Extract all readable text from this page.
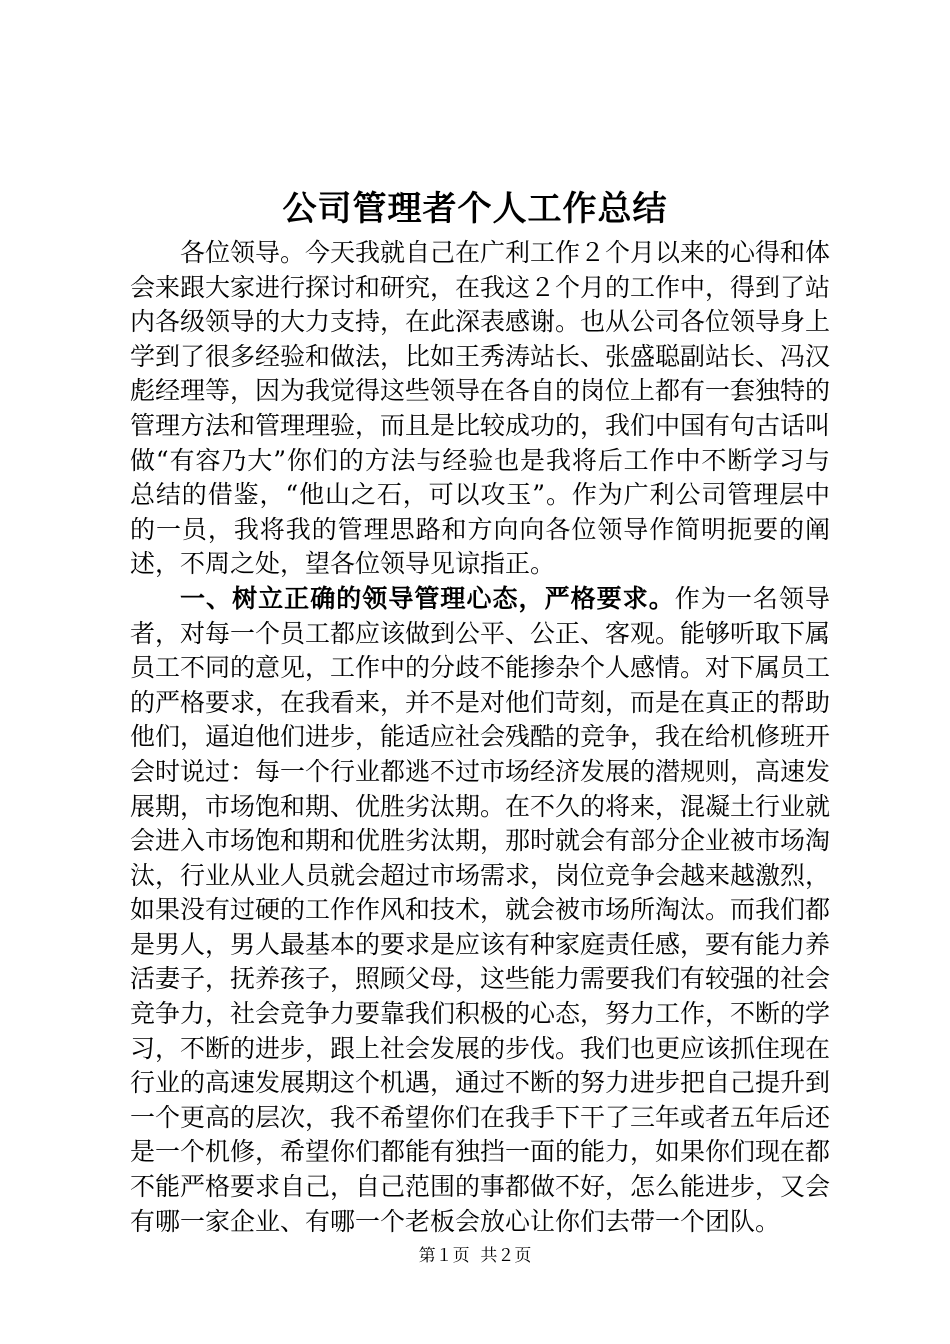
公司管理者个人工作总结

各位领导。今天我就自己在广利工作２个月以来的心得和体会来跟大家进行探讨和研究，在我这２个月的工作中，得到了站内各级领导的大力支持，在此深表感谢。也从公司各位领导身上学到了很多经验和做法，比如王秀涛站长、张盛聪副站长、冯汉彪经理等，因为我觉得这些领导在各自的岗位上都有一套独特的管理方法和管理理验，而且是比较成功的，我们中国有句古话叫做“有容乃大”你们的方法与经验也是我将后工作中不断学习与总结的借鉴，“他山之石，可以攻玉”。作为广利公司管理层中的一员，我将我的管理思路和方向向各位领导作简明扼要的阐述，不周之处，望各位领导见谅指正。

一、树立正确的领导管理心态，严格要求。作为一名领导者，对每一个员工都应该做到公平、公正、客观。能够听取下属员工不同的意见，工作中的分歧不能掺杂个人感情。对下属员工的严格要求，在我看来，并不是对他们苛刻，而是在真正的帮助他们，逼迫他们进步，能适应社会残酷的竞争，我在给机修班开会时说过：每一个行业都逃不过市场经济发展的潜规则，高速发展期，市场饱和期、优胜劣汰期。在不久的将来，混凝土行业就会进入市场饱和期和优胜劣汰期，那时就会有部分企业被市场淘汰，行业从业人员就会超过市场需求，岗位竞争会越来越激烈，如果没有过硬的工作作风和技术，就会被市场所淘汰。而我们都是男人，男人最基本的要求是应该有种家庭责任感，要有能力养活妻子，抚养孩子，照顾父母，这些能力需要我们有较强的社会竞争力，社会竞争力要靠我们积极的心态，努力工作，不断的学习，不断的进步，跟上社会发展的步伐。我们也更应该抓住现在行业的高速发展期这个机遇，通过不断的努力进步把自己提升到一个更高的层次，我不希望你们在我手下干了三年或者五年后还是一个机修，希望你们都能有独挡一面的能力，如果你们现在都不能严格要求自己，自己范围的事都做不好，怎么能进步，又会有哪一家企业、有哪一个老板会放心让你们去带一个团队。

第１页  共２页
